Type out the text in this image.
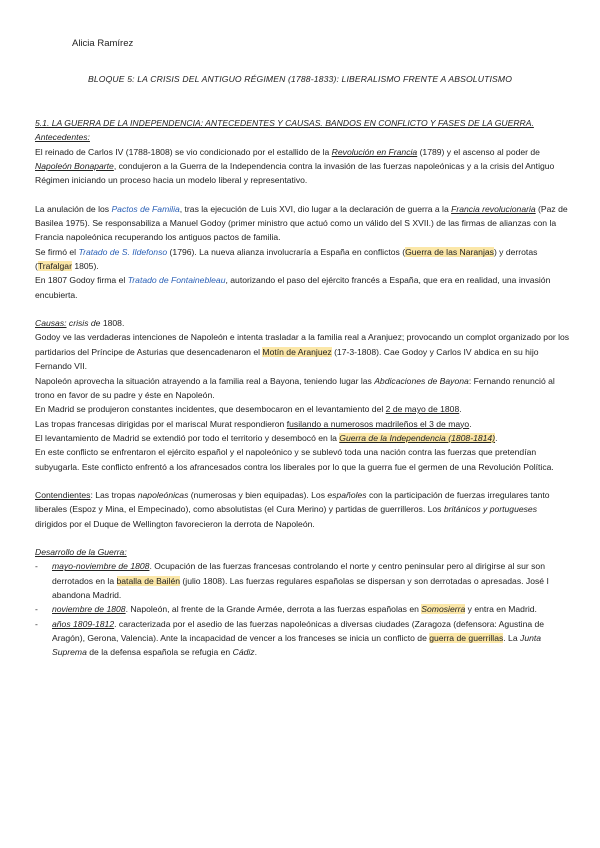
Alicia Ramírez
BLOQUE 5: LA CRISIS DEL ANTIGUO RÉGIMEN (1788-1833): LIBERALISMO FRENTE A ABSOLUTISMO

5.1. LA GUERRA DE LA INDEPENDENCIA: ANTECEDENTES Y CAUSAS. BANDOS EN CONFLICTO Y FASES DE LA GUERRA.

Antecedentes:

El reinado de Carlos IV (1788-1808) se vio condicionado por el estallido de la Revolución en Francia (1789) y el ascenso al poder de Napoleón Bonaparte, condujeron a la Guerra de la Independencia contra la invasión de las fuerzas napoleónicas y a la crisis del Antiguo Régimen iniciando un proceso hacia un modelo liberal y representativo.

La anulación de los Pactos de Familia, tras la ejecución de Luis XVI, dio lugar a la declaración de guerra a la Francia revolucionaria (Paz de Basilea 1975). Se responsabiliza a Manuel Godoy (primer ministro que actuó como un válido del S XVII.) de las firmas de alianzas con la Francia napoleónica recuperando los antiguos pactos de familia.

Se firmó el Tratado de S. Ildefonso (1796). La nueva alianza involucraría a España en conflictos (Guerra de las Naranjas) y derrotas (Trafalgar 1805).

En 1807 Godoy firma el Tratado de Fontainebleau, autorizando el paso del ejército francés a España, que era en realidad, una invasión encubierta.

Causas: crisis de 1808.

Godoy ve las verdaderas intenciones de Napoleón e intenta trasladar a la familia real a Aranjuez; provocando un complot organizado por los partidarios del Príncipe de Asturias que desencadenaron el Motín de Aranjuez (17-3-1808). Cae Godoy y Carlos IV abdica en su hijo Fernando VII.

Napoleón aprovecha la situación atrayendo a la familia real a Bayona, teniendo lugar las Abdicaciones de Bayona: Fernando renunció al trono en favor de su padre y éste en Napoleón.

En Madrid se produjeron constantes incidentes, que desembocaron en el levantamiento del 2 de mayo de 1808.

Las tropas francesas dirigidas por el mariscal Murat respondieron fusilando a numerosos madrileños el 3 de mayo.

El levantamiento de Madrid se extendió por todo el territorio y desembocó en la Guerra de la Independencia (1808-1814).

En este conflicto se enfrentaron el ejército español y el napoleónico y se sublevó toda una nación contra las fuerzas que pretendían subyugarla. Este conflicto enfrentó a los afrancesados contra los liberales por lo que la guerra fue el germen de una Revolución Política.

Contendientes: Las tropas napoleónicas (numerosas y bien equipadas). Los españoles con la participación de fuerzas irregulares tanto liberales (Espoz y Mina, el Empecinado), como absolutistas (el Cura Merino) y partidas de guerrilleros. Los británicos y portugueses dirigidos por el Duque de Wellington favorecieron la derrota de Napoleón.

Desarrollo de la Guerra:

- mayo-noviembre de 1808. Ocupación de las fuerzas francesas controlando el norte y centro peninsular pero al dirigirse al sur son derrotados en la batalla de Bailén (julio 1808). Las fuerzas regulares españolas se dispersan y son derrotadas o apresadas. José I abandona Madrid.
- noviembre de 1808. Napoleón, al frente de la Grande Armée, derrota a las fuerzas españolas en Somosierra y entra en Madrid.
- años 1809-1812. caracterizada por el asedio de las fuerzas napoleónicas a diversas ciudades (Zaragoza (defensora: Agustina de Aragón), Gerona, Valencia). Ante la incapacidad de vencer a los franceses se inicia un conflicto de guerra de guerrillas. La Junta Suprema de la defensa española se refugia en Cádiz.
